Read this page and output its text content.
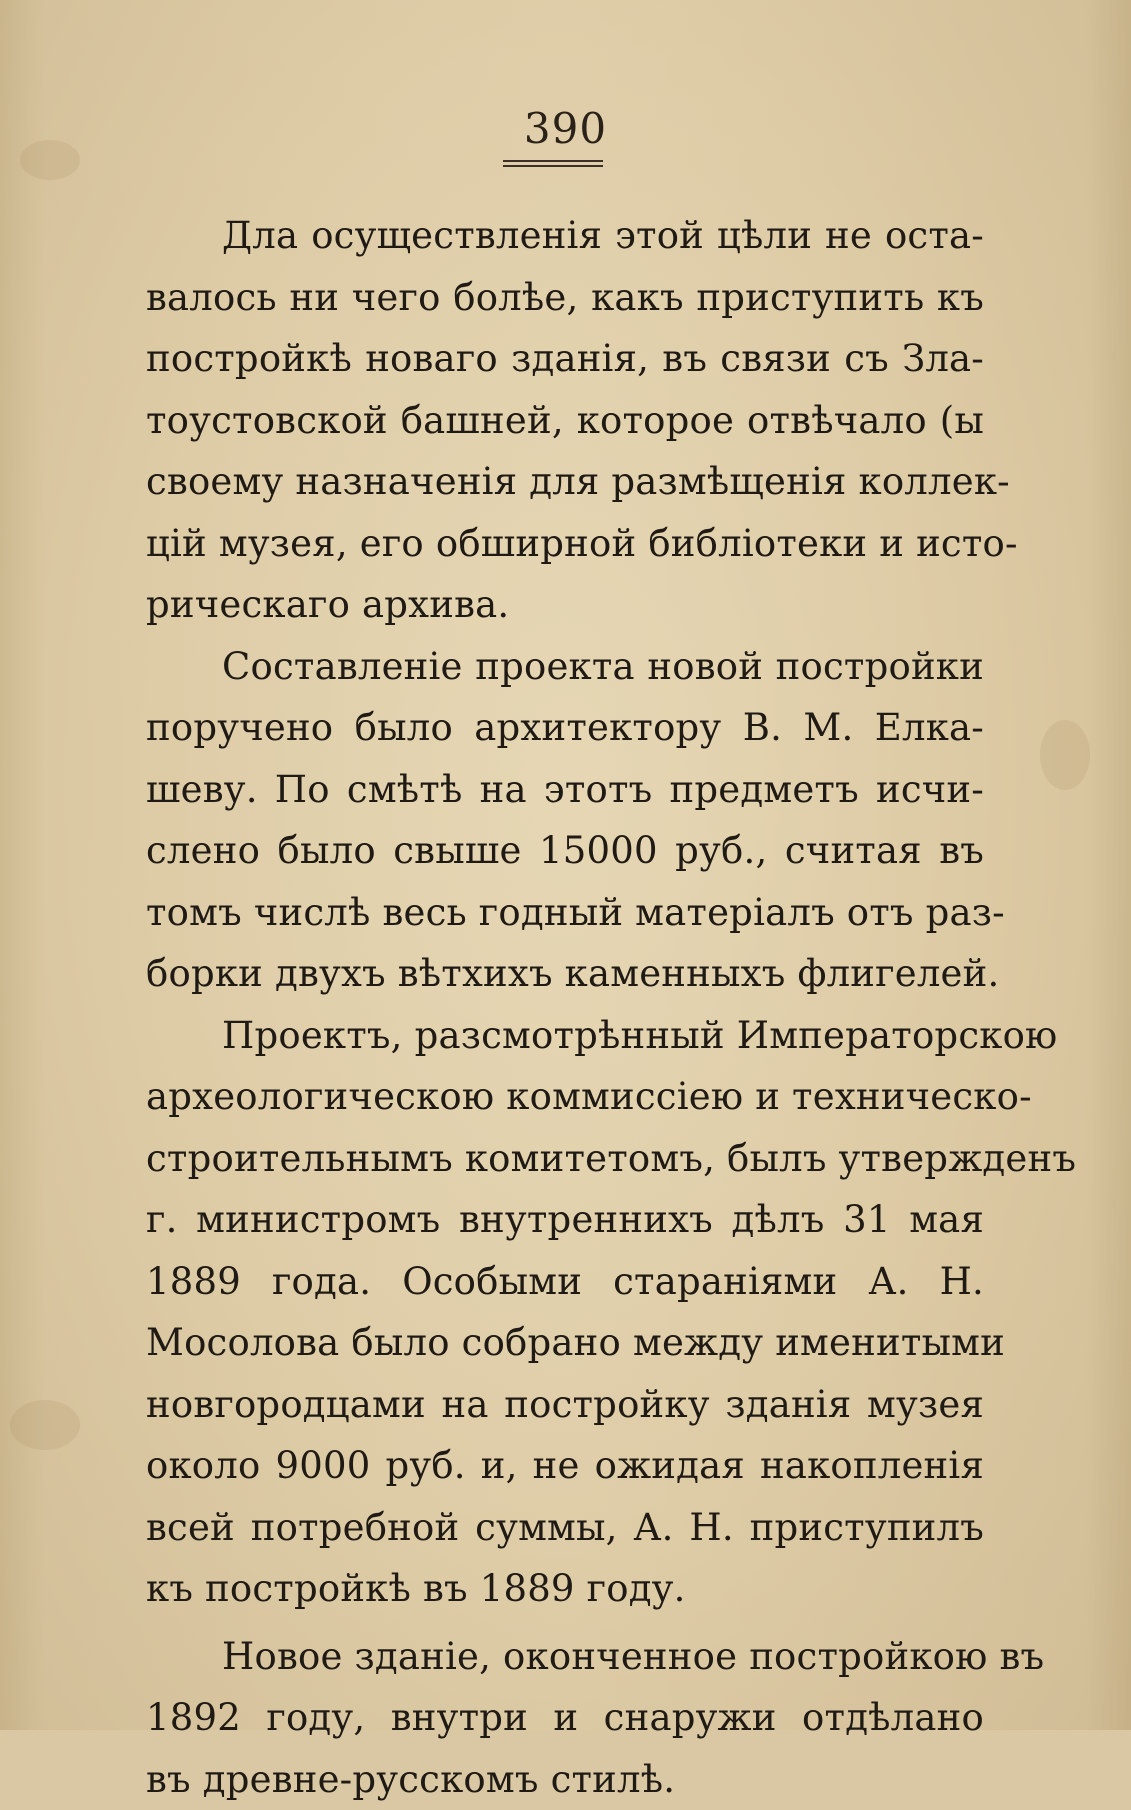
390
Дла осуществленія этой цѣли не оста-
валось ни чего болѣе, какъ приступить къ
постройкѣ новаго зданія, въ связи съ Зла-
тоустовской башней, которое отвѣчало (ы
своему назначенія для размѣщенія коллек-
цій музея, его обширной библіотеки и исто-
рическаго архива.
Составленіе проекта новой постройки
поручено было архитектору В. М. Елка-
шеву. По смѣтѣ на этотъ предметъ исчи-
слено было свыше 15000 руб., считая въ
томъ числѣ весь годный матеріалъ отъ раз-
борки двухъ вѣтхихъ каменныхъ флигелей.
Проектъ, разсмотрѣнный Императорскою
археологическою коммиссіею и техническо-
строительнымъ комитетомъ, былъ утвержденъ
г. министромъ внутреннихъ дѣлъ 31 мая
1889 года. Особыми стараніями А. Н.
Мосолова было собрано между именитыми
новгородцами на постройку зданія музея
около 9000 руб. и, не ожидая накопленія
всей потребной суммы, А. Н. приступилъ
къ постройкѣ въ 1889 году.
Новое зданіе, оконченное постройкою въ
1892 году, внутри и снаружи отдѣлано
въ древне-русскомъ стилѣ.
